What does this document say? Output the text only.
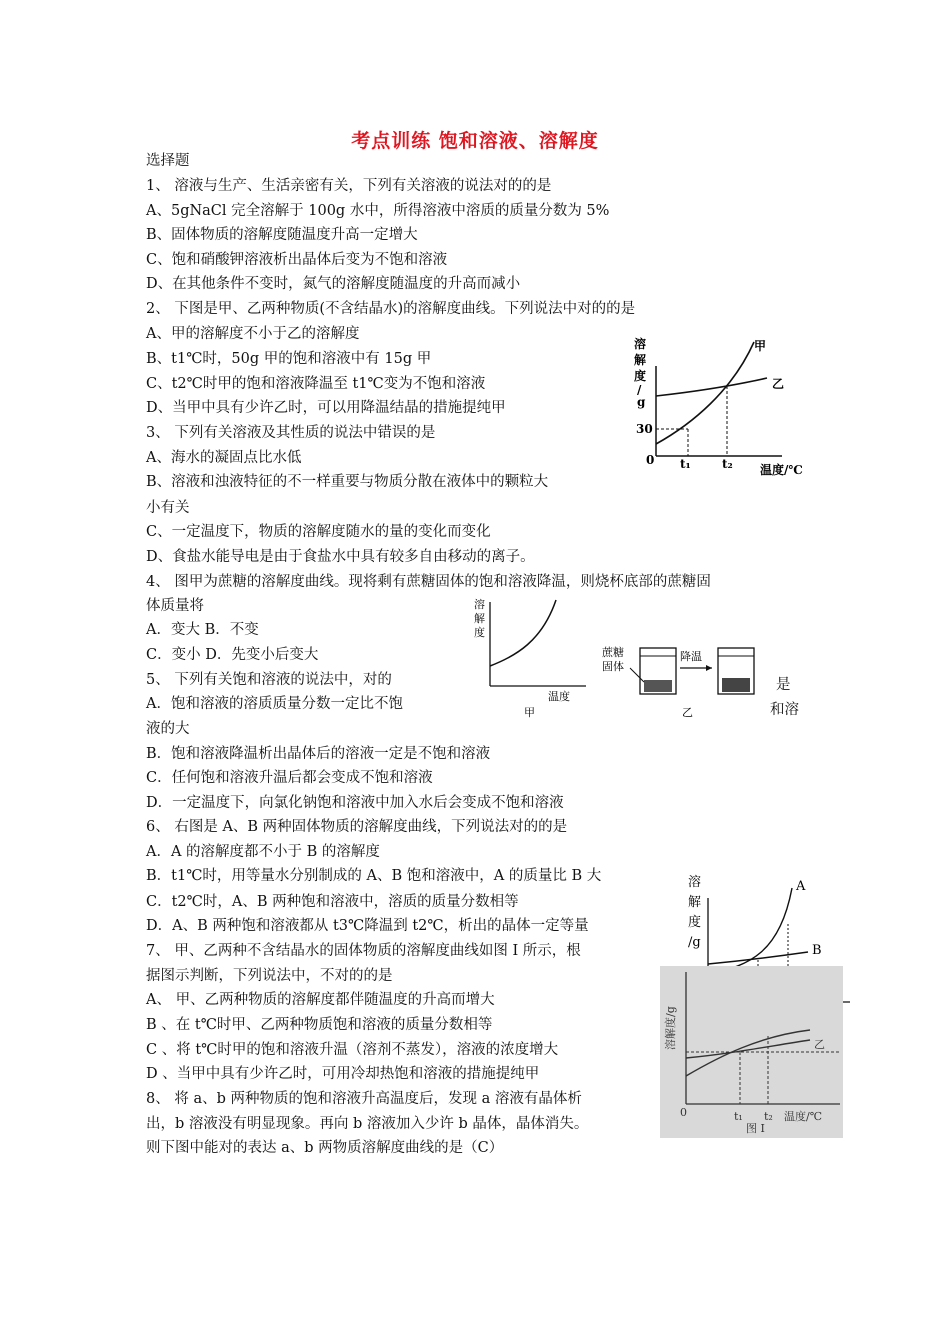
考点训练 饱和溶液、溶解度
选择题
1、 溶液与生产、生活亲密有关，下列有关溶液的说法对的的是
A、5gNaCl 完全溶解于 100g 水中，所得溶液中溶质的质量分数为 5%
B、固体物质的溶解度随温度升高一定增大
C、饱和硝酸钾溶液析出晶体后变为不饱和溶液
D、在其他条件不变时，氮气的溶解度随温度的升高而减小
2、 下图是甲、乙两种物质(不含结晶水)的溶解度曲线。下列说法中对的的是
A、甲的溶解度不小于乙的溶解度
B、t1℃时，50g 甲的饱和溶液中有 15g 甲
C、t2℃时甲的饱和溶液降温至 t1℃变为不饱和溶液
D、当甲中具有少许乙时，可以用降温结晶的措施提纯甲
3、 下列有关溶液及其性质的说法中错误的是
A、海水的凝固点比水低
B、溶液和浊液特征的不一样重要与物质分散在液体中的颗粒大
小有关
C、一定温度下，物质的溶解度随水的量的变化而变化
D、食盐水能导电是由于食盐水中具有较多自由移动的离子。
4、 图甲为蔗糖的溶解度曲线。现将剩有蔗糖固体的饱和溶液降温，则烧杯底部的蔗糖固
体质量将
A．变大 B．不变
C．变小 D．先变小后变大
5、 下列有关饱和溶液的说法中，对的
A．饱和溶液的溶质质量分数一定比不饱
液的大
B．饱和溶液降温析出晶体后的溶液一定是不饱和溶液
C．任何饱和溶液升温后都会变成不饱和溶液
D．一定温度下，向氯化钠饱和溶液中加入水后会变成不饱和溶液
6、 右图是 A、B 两种固体物质的溶解度曲线，下列说法对的的是
A．A 的溶解度都不小于 B 的溶解度
B．t1℃时，用等量水分别制成的 A、B 饱和溶液中，A 的质量比 B 大
C．t2℃时，A、B 两种饱和溶液中，溶质的质量分数相等
D．A、B 两种饱和溶液都从 t3℃降温到 t2℃，析出的晶体一定等量
7、 甲、乙两种不含结晶水的固体物质的溶解度曲线如图 I 所示，根
据图示判断，下列说法中，不对的的是
A、 甲、乙两种物质的溶解度都伴随温度的升高而增大
B 、在 t℃时甲、乙两种物质饱和溶液的质量分数相等
C 、将 t℃时甲的饱和溶液升温（溶剂不蒸发），溶液的浓度增大
D 、当甲中具有少许乙时，可用冷却热饱和溶液的措施提纯甲
8、 将 a、b 两种物质的饱和溶液升高温度后，发现 a 溶液有晶体析
出，b 溶液没有明显现象。再向 b 溶液加入少许 b 晶体，晶体消失。
则下图中能对的表达 a、b 两物质溶解度曲线的是（C）
是
和溶
溶
解
度
/
g
30
0 t₁	t₂ 温度/℃
甲
乙
溶
解
度
温度
甲	乙
蔗糖
固体
降温
溶
解
度
/g
A
B
溶解度/g
0	t₁ t₂ 温度/℃
乙
图 I
